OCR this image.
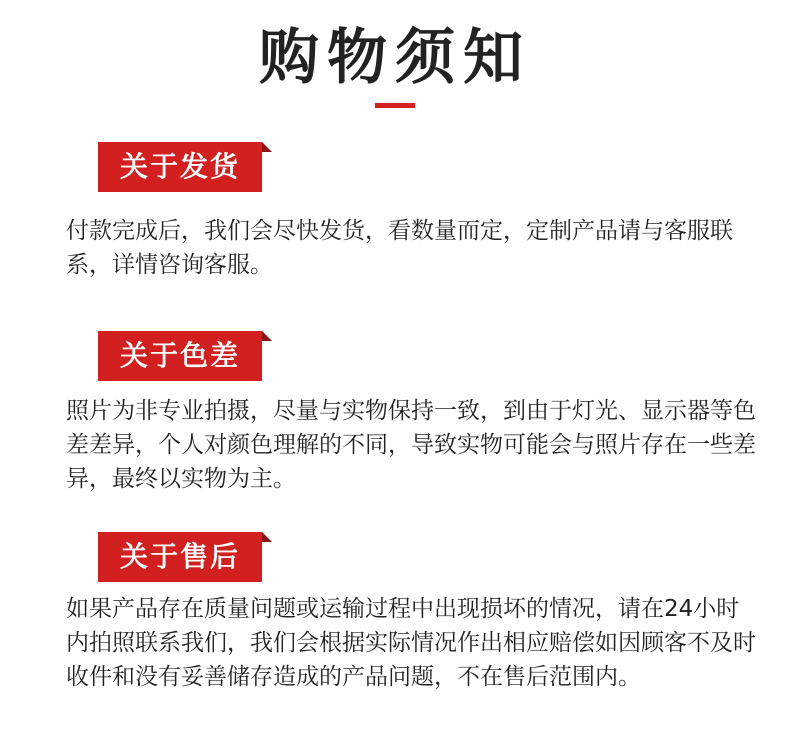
购物须知
关于发货
付款完成后，我们会尽快发货，看数量而定，定制产品请与客服联系，详情咨询客服。
关于色差
照片为非专业拍摄，尽量与实物保持一致，到由于灯光、显示器等色差差异，个人对颜色理解的不同，导致实物可能会与照片存在一些差异，最终以实物为主。
关于售后
如果产品存在质量问题或运输过程中出现损坏的情况，请在24小时内拍照联系我们，我们会根据实际情况作出相应赔偿如因顾客不及时收件和没有妥善储存造成的产品问题，不在售后范围内。
